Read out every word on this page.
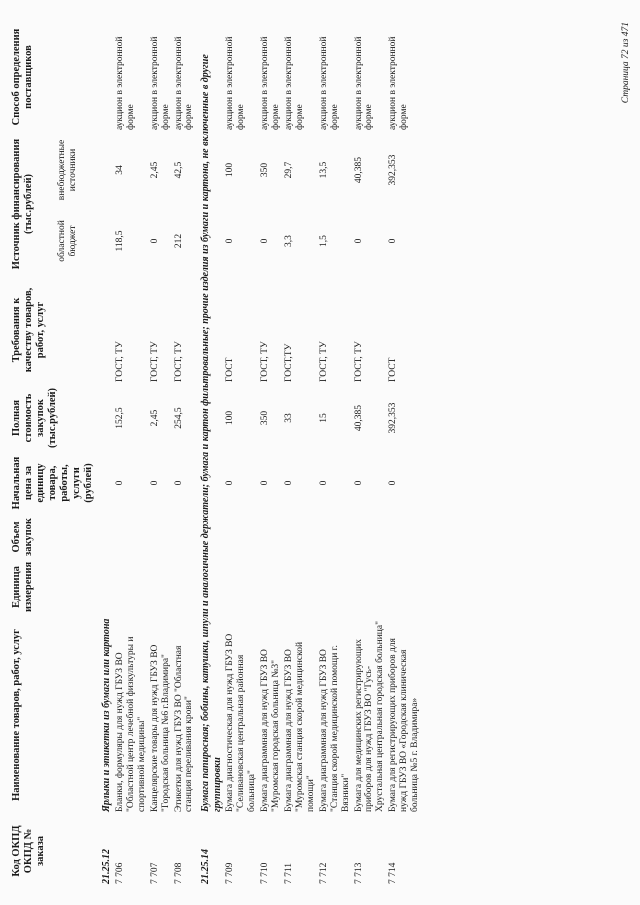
Код ОКПД ОКПД № заказа	Наименование товаров, работ, услуг	Единица измерения	Объем закупок	Начальная цена за единицу товара, работы, услуги (рублей)	Полная стоимость закупок (тыс.рублей)	Требования к качеству товаров, работ, услуг	Источник финансирования (тыс.рублей)		Способ определения поставщиков
							областной бюджет	внебюджетные источники	
21.25.12	Ярлыки и этикетки из бумаги или картона								
7 706	Бланки, формуляры для нужд ГБУЗ ВО "Областной центр лечебной физкультуры и спортивной медицины"			0	152,5	ГОСТ, ТУ	118,5	34	аукцион в электронной форме
7 707	Канцелярские товары для нужд ГБУЗ ВО "Городская больница №6 г.Владимира"			0	2,45	ГОСТ, ТУ	0	2,45	аукцион в электронной форме
7 708	Этикетки для нужд ГБУЗ ВО "Областная станция переливания крови"			0	254,5	ГОСТ, ТУ	212	42,5	аукцион в электронной форме
21.25.14	Бумага папиросная; бобины, катушки, шпули и аналогичные держатели; бумага и картон фильтровальные; прочие изделия из бумаги и картона, не включенные в другие группировки								
7 709	Бумага диагностическая для нужд ГБУЗ ВО "Селивановская центральная районная больница"			0	100	ГОСТ	0	100	аукцион в электронной форме
7 710	Бумага диаграммная для нужд ГБУЗ ВО "Муромская городская больница №3"			0	350	ГОСТ, ТУ	0	350	аукцион в электронной форме
7 711	Бумага диаграммная для нужд ГБУЗ ВО "Муромская станция скорой медицинской помощи"			0	33	ГОСТ,ТУ	3,3	29,7	аукцион в электронной форме
7 712	Бумага диаграммная для нужд ГБУЗ ВО "Станция скорой медицинской помощи г. Вязники"			0	15	ГОСТ, ТУ	1,5	13,5	аукцион в электронной форме
7 713	Бумага для медицинских регистрирующих приборов для нужд ГБУЗ ВО "Гусь-Хрустальная центральная городская больница"			0	40,385	ГОСТ, ТУ	0	40,385	аукцион в электронной форме
7 714	Бумага для регистрирующих приборов для нужд ГБУЗ ВО «Городская клиническая больница №5 г. Владимира»			0	392,353	ГОСТ	0	392,353	аукцион в электронной форме
Страница 72 из 471
